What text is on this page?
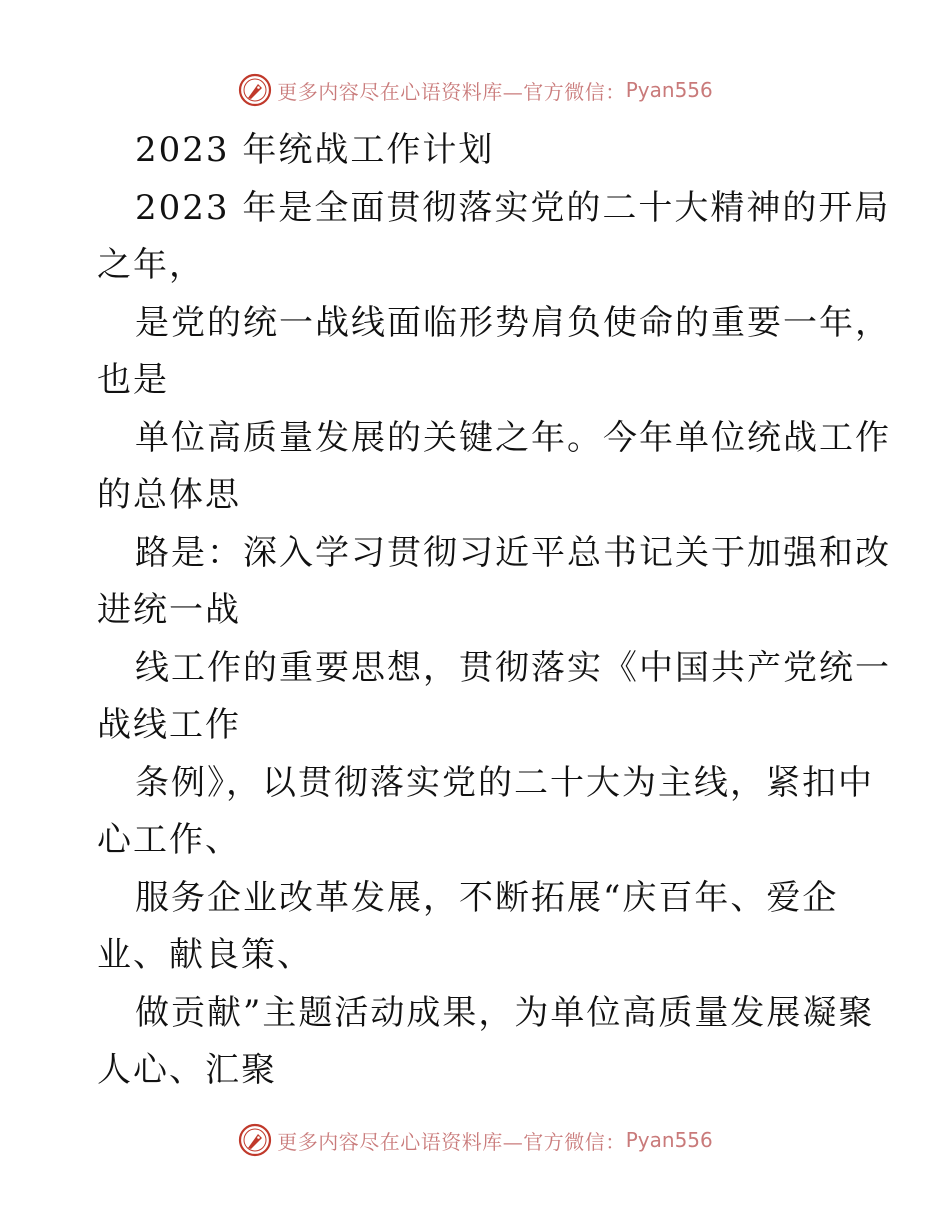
更多内容尽在心语资料库—官方微信： Pyan556
2023 年统战工作计划
2023 年是全面贯彻落实党的二十大精神的开局
之年，
是党的统一战线面临形势肩负使命的重要一年，
也是
单位高质量发展的关键之年。今年单位统战工作
的总体思
路是：深入学习贯彻习近平总书记关于加强和改
进统一战
线工作的重要思想，贯彻落实《中国共产党统一
战线工作
条例》，以贯彻落实党的二十大为主线，紧扣中
心工作、
服务企业改革发展，不断拓展“庆百年、爱企
业、献良策、
做贡献”主题活动成果，为单位高质量发展凝聚
人心、汇聚
更多内容尽在心语资料库—官方微信： Pyan556
